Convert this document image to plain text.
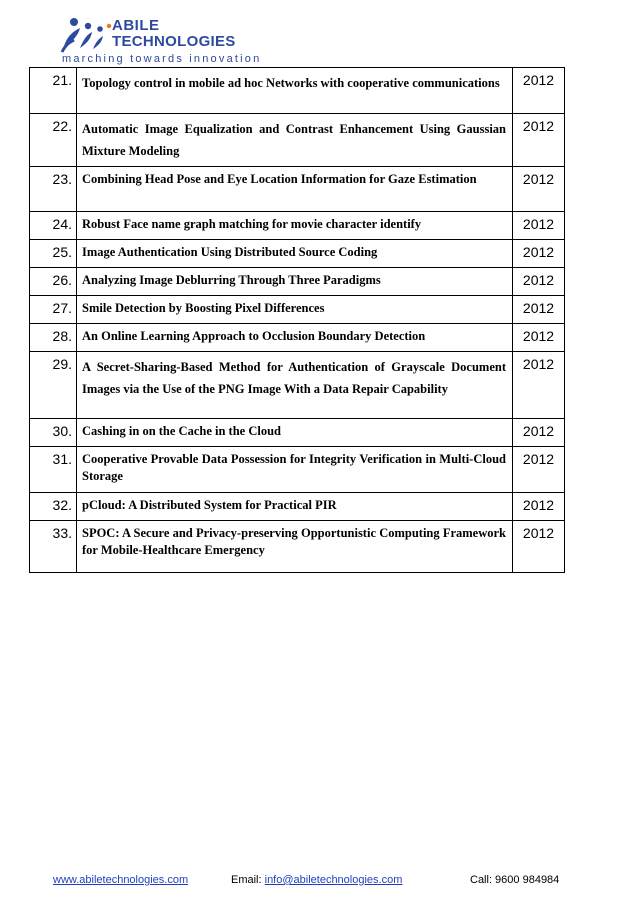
ABILE
TECHNOLOGIES
marching towards innovation
21.	Topology control in mobile ad hoc Networks with cooperative communications	2012
22.	Automatic Image Equalization and Contrast Enhancement Using Gaussian Mixture Modeling	2012
23.	Combining Head Pose and Eye Location Information for Gaze Estimation	2012
24.	Robust Face name graph matching for movie character identify	2012
25.	Image Authentication Using Distributed Source Coding	2012
26.	Analyzing Image Deblurring Through Three Paradigms	2012
27.	Smile Detection by Boosting Pixel Differences	2012
28.	An Online Learning Approach to Occlusion Boundary Detection	2012
29.	A Secret-Sharing-Based Method for Authentication of Grayscale Document Images via the Use of the PNG Image With a Data Repair Capability	2012
30.	Cashing in on the Cache in the Cloud	2012
31.	Cooperative Provable Data Possession for Integrity Verification in Multi-Cloud Storage	2012
32.	pCloud: A Distributed System for Practical PIR	2012
33.	SPOC: A Secure and Privacy-preserving Opportunistic Computing Framework for Mobile-Healthcare Emergency	2012
www.abiletechnologies.com	Email: info@abiletechnologies.com	Call: 9600 984984
